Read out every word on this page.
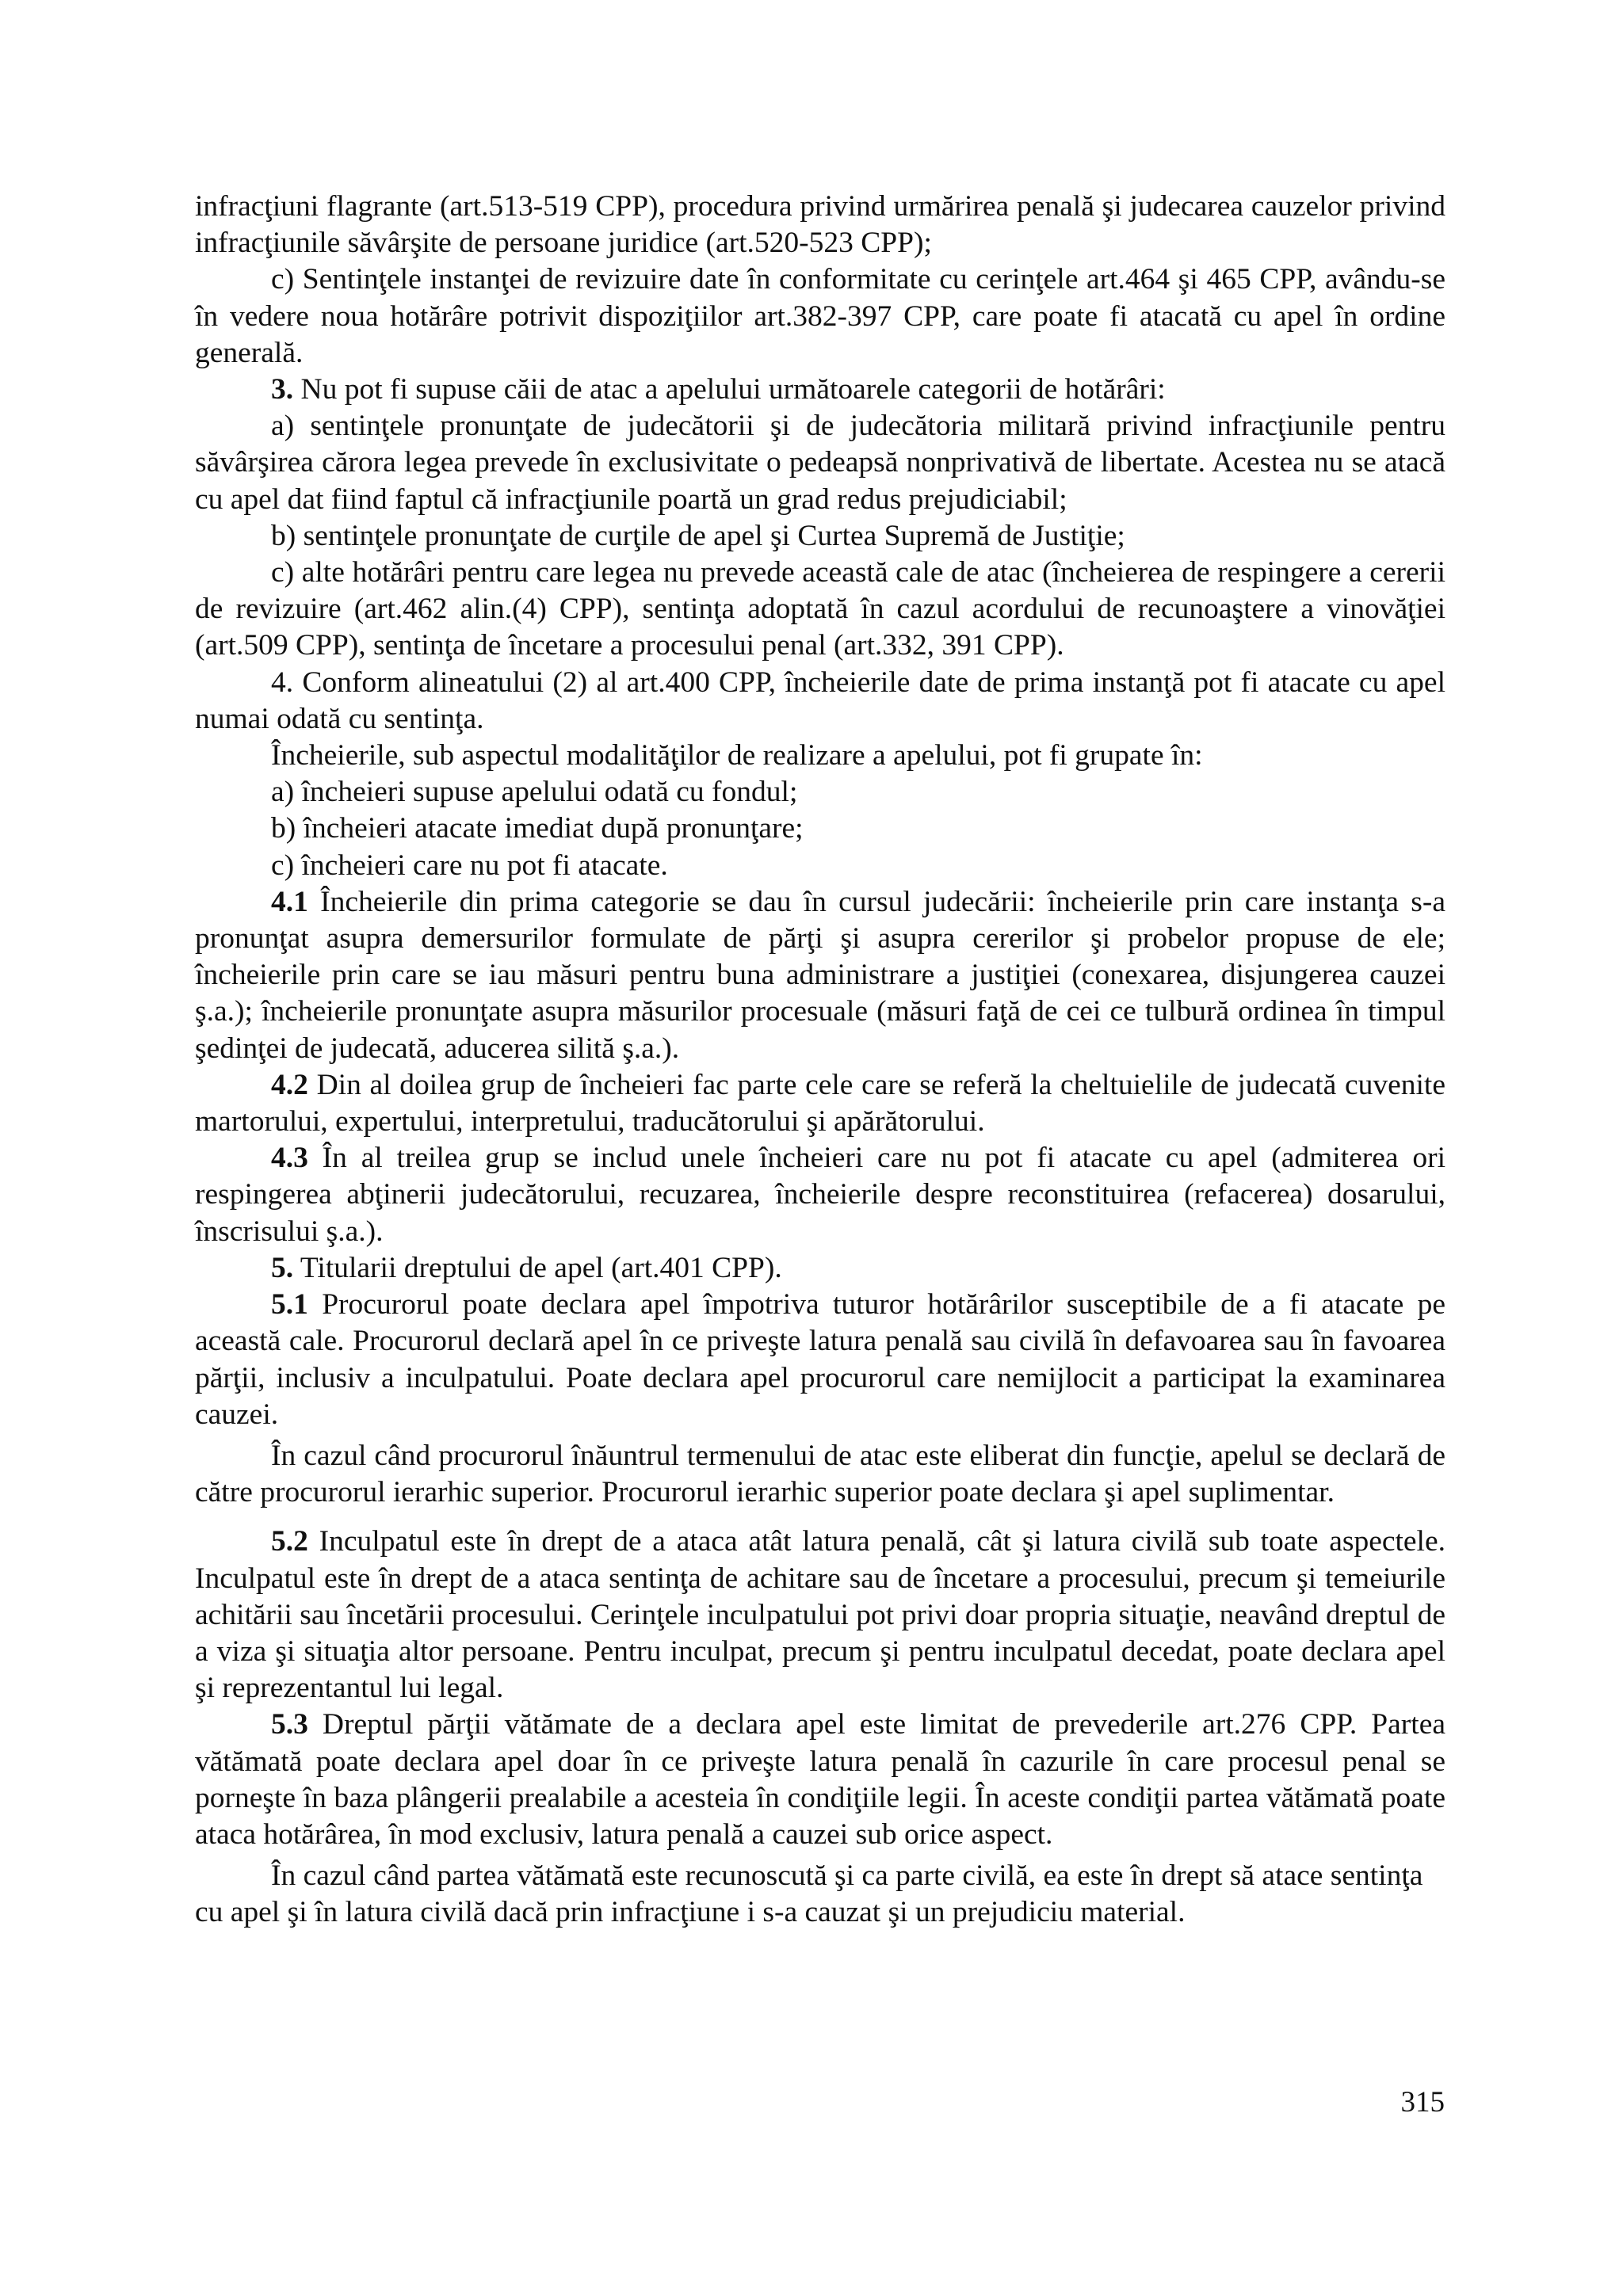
infracţiuni flagrante (art.513-519 CPP), procedura privind urmărirea penală şi judecarea cauzelor privind infracţiunile săvârşite de persoane juridice (art.520-523 CPP);

c) Sentinţele instanţei de revizuire date în conformitate cu cerinţele art.464 şi 465 CPP, avându-se în vedere noua hotărâre potrivit dispoziţiilor art.382-397 CPP, care poate fi atacată cu apel în ordine generală.

3. Nu pot fi supuse căii de atac a apelului următoarele categorii de hotărâri:

a) sentinţele pronunţate de judecătorii şi de judecătoria militară privind infracţiunile pentru săvârşirea cărora legea prevede în exclusivitate o pedeapsă nonprivativă de libertate. Acestea nu se atacă cu apel dat fiind faptul că infracţiunile poartă un grad redus prejudiciabil;

b) sentinţele pronunţate de curţile de apel şi Curtea Supremă de Justiţie;

c) alte hotărâri pentru care legea nu prevede această cale de atac (încheierea de respingere a cererii de revizuire (art.462 alin.(4) CPP), sentinţa adoptată în cazul acordului de recunoaştere a vinovăţiei (art.509 CPP), sentinţa de încetare a procesului penal (art.332, 391 CPP).

4. Conform alineatului (2) al art.400 CPP, încheierile date de prima instanţă pot fi atacate cu apel numai odată cu sentinţa.

Încheierile, sub aspectul modalităţilor de realizare a apelului, pot fi grupate în:

a) încheieri supuse apelului odată cu fondul;

b) încheieri atacate imediat după pronunţare;

c) încheieri care nu pot fi atacate.

4.1 Încheierile din prima categorie se dau în cursul judecării: încheierile prin care instanţa s-a pronunţat asupra demersurilor formulate de părţi şi asupra cererilor şi probelor propuse de ele; încheierile prin care se iau măsuri pentru buna administrare a justiţiei (conexarea, disjungerea cauzei ş.a.); încheierile pronunţate asupra măsurilor procesuale (măsuri faţă de cei ce tulbură ordinea în timpul şedinţei de judecată, aducerea silită ş.a.).

4.2 Din al doilea grup de încheieri fac parte cele care se referă la cheltuielile de judecată cuvenite martorului, expertului, interpretului, traducătorului şi apărătorului.

4.3 În al treilea grup se includ unele încheieri care nu pot fi atacate cu apel (admiterea ori respingerea abţinerii judecătorului, recuzarea, încheierile despre reconstituirea (refacerea) dosarului, înscrisului ş.a.).

5. Titularii dreptului de apel (art.401 CPP).

5.1 Procurorul poate declara apel împotriva tuturor hotărârilor susceptibile de a fi atacate pe această cale. Procurorul declară apel în ce priveşte latura penală sau civilă în defavoarea sau în favoarea părţii, inclusiv a inculpatului. Poate declara apel procurorul care nemijlocit a participat la examinarea cauzei.

În cazul când procurorul înăuntrul termenului de atac este eliberat din funcţie, apelul se declară de către procurorul ierarhic superior. Procurorul ierarhic superior poate declara şi apel suplimentar.

5.2 Inculpatul este în drept de a ataca atât latura penală, cât şi latura civilă sub toate aspectele. Inculpatul este în drept de a ataca sentinţa de achitare sau de încetare a procesului, precum şi temeiurile achitării sau încetării procesului. Cerinţele inculpatului pot privi doar propria situaţie, neavând dreptul de a viza şi situaţia altor persoane. Pentru inculpat, precum şi pentru inculpatul decedat, poate declara apel şi reprezentantul lui legal.

5.3 Dreptul părţii vătămate de a declara apel este limitat de prevederile art.276 CPP. Partea vătămată poate declara apel doar în ce priveşte latura penală în cazurile în care procesul penal se porneşte în baza plângerii prealabile a acesteia în condiţiile legii. În aceste condiţii partea vătămată poate ataca hotărârea, în mod exclusiv, latura penală a cauzei sub orice aspect.

În cazul când partea vătămată este recunoscută şi ca parte civilă, ea este în drept să atace sentinţa cu apel şi în latura civilă dacă prin infracţiune i s-a cauzat şi un prejudiciu material.

315
